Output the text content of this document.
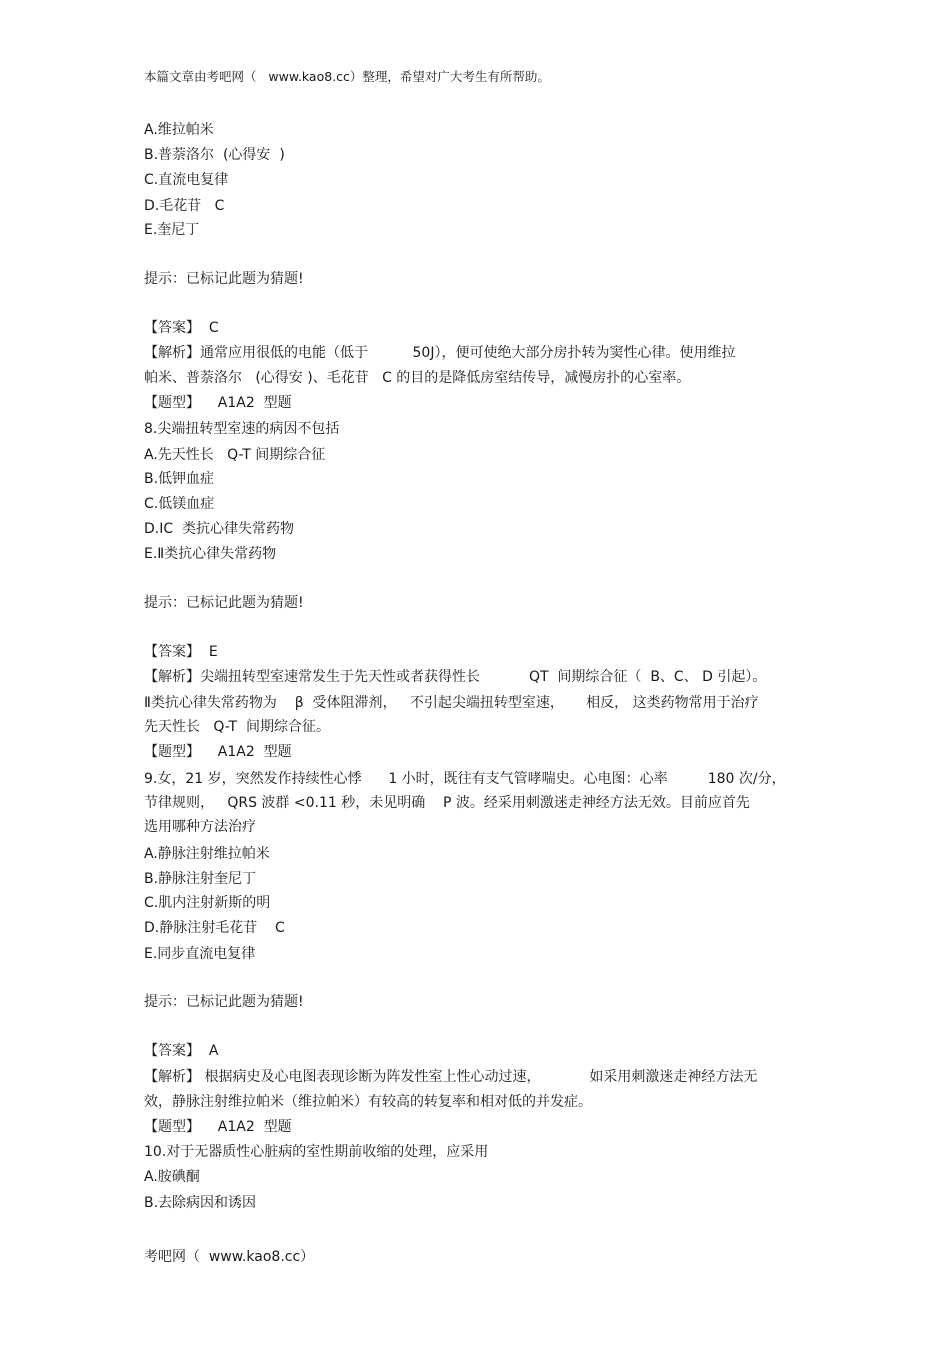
本篇文章由考吧网（   www.kao8.cc）整理，希望对广大考生有所帮助。
A.维拉帕米
B.普萘洛尔  (心得安  )
C.直流电复律
D.毛花苷   C
E.奎尼丁
提示：已标记此题为猜题!
【答案】  C
【解析】通常应用很低的电能（低于          50J），便可使绝大部分房扑转为窦性心律。使用维拉
帕米、普萘洛尔   (心得安 )、毛花苷   C 的目的是降低房室结传导，减慢房扑的心室率。
【题型】    A1A2  型题
8.尖端扭转型室速的病因不包括
A.先天性长   Q-T 间期综合征
B.低钾血症
C.低镁血症
D.IC  类抗心律失常药物
E.Ⅱ类抗心律失常药物
提示：已标记此题为猜题!
【答案】  E
【解析】尖端扭转型室速常发生于先天性或者获得性长           QT  间期综合征（  B、C、 D 引起）。
Ⅱ类抗心律失常药物为    β  受体阻滞剂，   不引起尖端扭转型室速，     相反， 这类药物常用于治疗
先天性长   Q-T  间期综合征。
【题型】    A1A2  型题
9.女，21 岁，突然发作持续性心悸      1 小时，既往有支气管哮喘史。心电图：心率         180 次/分，
节律规则，   QRS 波群 <0.11 秒，未见明确    P 波。经采用刺激迷走神经方法无效。目前应首先
选用哪种方法治疗
A.静脉注射维拉帕米
B.静脉注射奎尼丁
C.肌内注射新斯的明
D.静脉注射毛花苷    C
E.同步直流电复律
提示：已标记此题为猜题!
【答案】  A
【解析】 根据病史及心电图表现诊断为阵发性室上性心动过速，           如采用刺激迷走神经方法无
效，静脉注射维拉帕米（维拉帕米）有较高的转复率和相对低的并发症。
【题型】    A1A2  型题
10.对于无器质性心脏病的室性期前收缩的处理，应采用
A.胺碘酮
B.去除病因和诱因
考吧网（  www.kao8.cc）
